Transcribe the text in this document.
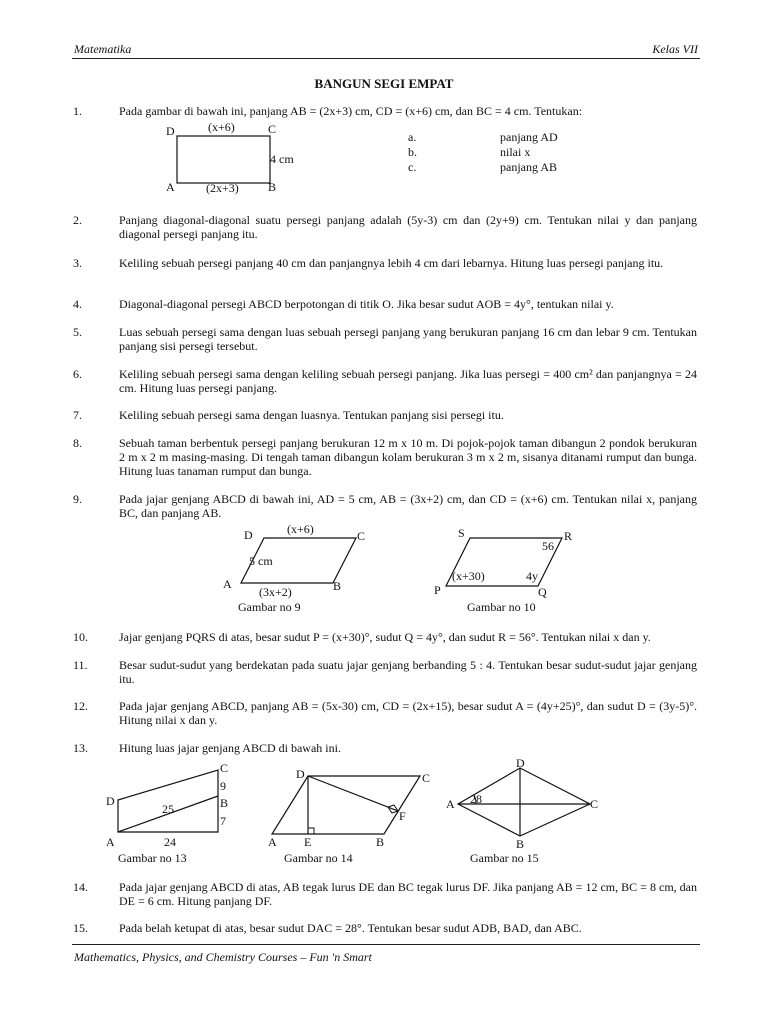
Matematika	Kelas VII
BANGUN SEGI EMPAT
1.	Pada gambar di bawah ini, panjang AB = (2x+3) cm, CD = (x+6) cm, dan BC = 4 cm. Tentukan:
D	(x+6)	C
4 cm
A	(2x+3) B
a.	panjang AD
b.	nilai x
c.	panjang AB
2.	Panjang diagonal-diagonal suatu persegi panjang adalah (5y-3) cm dan (2y+9) cm. Tentukan nilai y dan panjang diagonal persegi panjang itu.
3.	Keliling sebuah persegi panjang 40 cm dan panjangnya lebih 4 cm dari lebarnya. Hitung luas persegi panjang itu.
4.	Diagonal-diagonal persegi ABCD berpotongan di titik O. Jika besar sudut AOB = 4y°, tentukan nilai y.
5.	Luas sebuah persegi sama dengan luas sebuah persegi panjang yang berukuran panjang 16 cm dan lebar 9 cm. Tentukan panjang sisi persegi tersebut.
6.	Keliling sebuah persegi sama dengan keliling sebuah persegi panjang. Jika luas persegi = 400 cm² dan panjangnya = 24 cm. Hitung luas persegi panjang.
7.	Keliling sebuah persegi sama dengan luasnya. Tentukan panjang sisi persegi itu.
8.	Sebuah taman berbentuk persegi panjang berukuran 12 m x 10 m. Di pojok-pojok taman dibangun 2 pondok berukuran 2 m x 2 m masing-masing. Di tengah taman dibangun kolam berukuran 3 m x 2 m, sisanya ditanami rumput dan bunga. Hitung luas tanaman rumput dan bunga.
9.	Pada jajar genjang ABCD di bawah ini, AD = 5 cm, AB = (3x+2) cm, dan CD = (x+6) cm. Tentukan nilai x, panjang BC, dan panjang AB.
D	(x+6)	C
5 cm
A	B
(3x+2)
Gambar no 9
S	R
56
(x+30)	4y
P	Q
Gambar no 10
10.	Jajar genjang PQRS di atas, besar sudut P = (x+30)°, sudut Q = 4y°, dan sudut R = 56°. Tentukan nilai x dan y.
11.	Besar sudut-sudut yang berdekatan pada suatu jajar genjang berbanding 5 : 4. Tentukan besar sudut-sudut jajar genjang itu.
12.	Pada jajar genjang ABCD, panjang AB = (5x-30) cm, CD = (2x+15), besar sudut A = (4y+25)°, dan sudut D = (3y-5)°. Hitung nilai x dan y.
13.	Hitung luas jajar genjang ABCD di bawah ini.
D
C
9
B
7
25
24
A
Gambar no 13
D	C
F
A E	B
Gambar no 14
D
A 28	C
B
Gambar no 15
14.	Pada jajar genjang ABCD di atas, AB tegak lurus DE dan BC tegak lurus DF. Jika panjang AB = 12 cm, BC = 8 cm, dan DE = 6 cm. Hitung panjang DF.
15.	Pada belah ketupat di atas, besar sudut DAC = 28°. Tentukan besar sudut ADB, BAD, dan ABC.
Mathematics, Physics, and Chemistry Courses – Fun 'n Smart
